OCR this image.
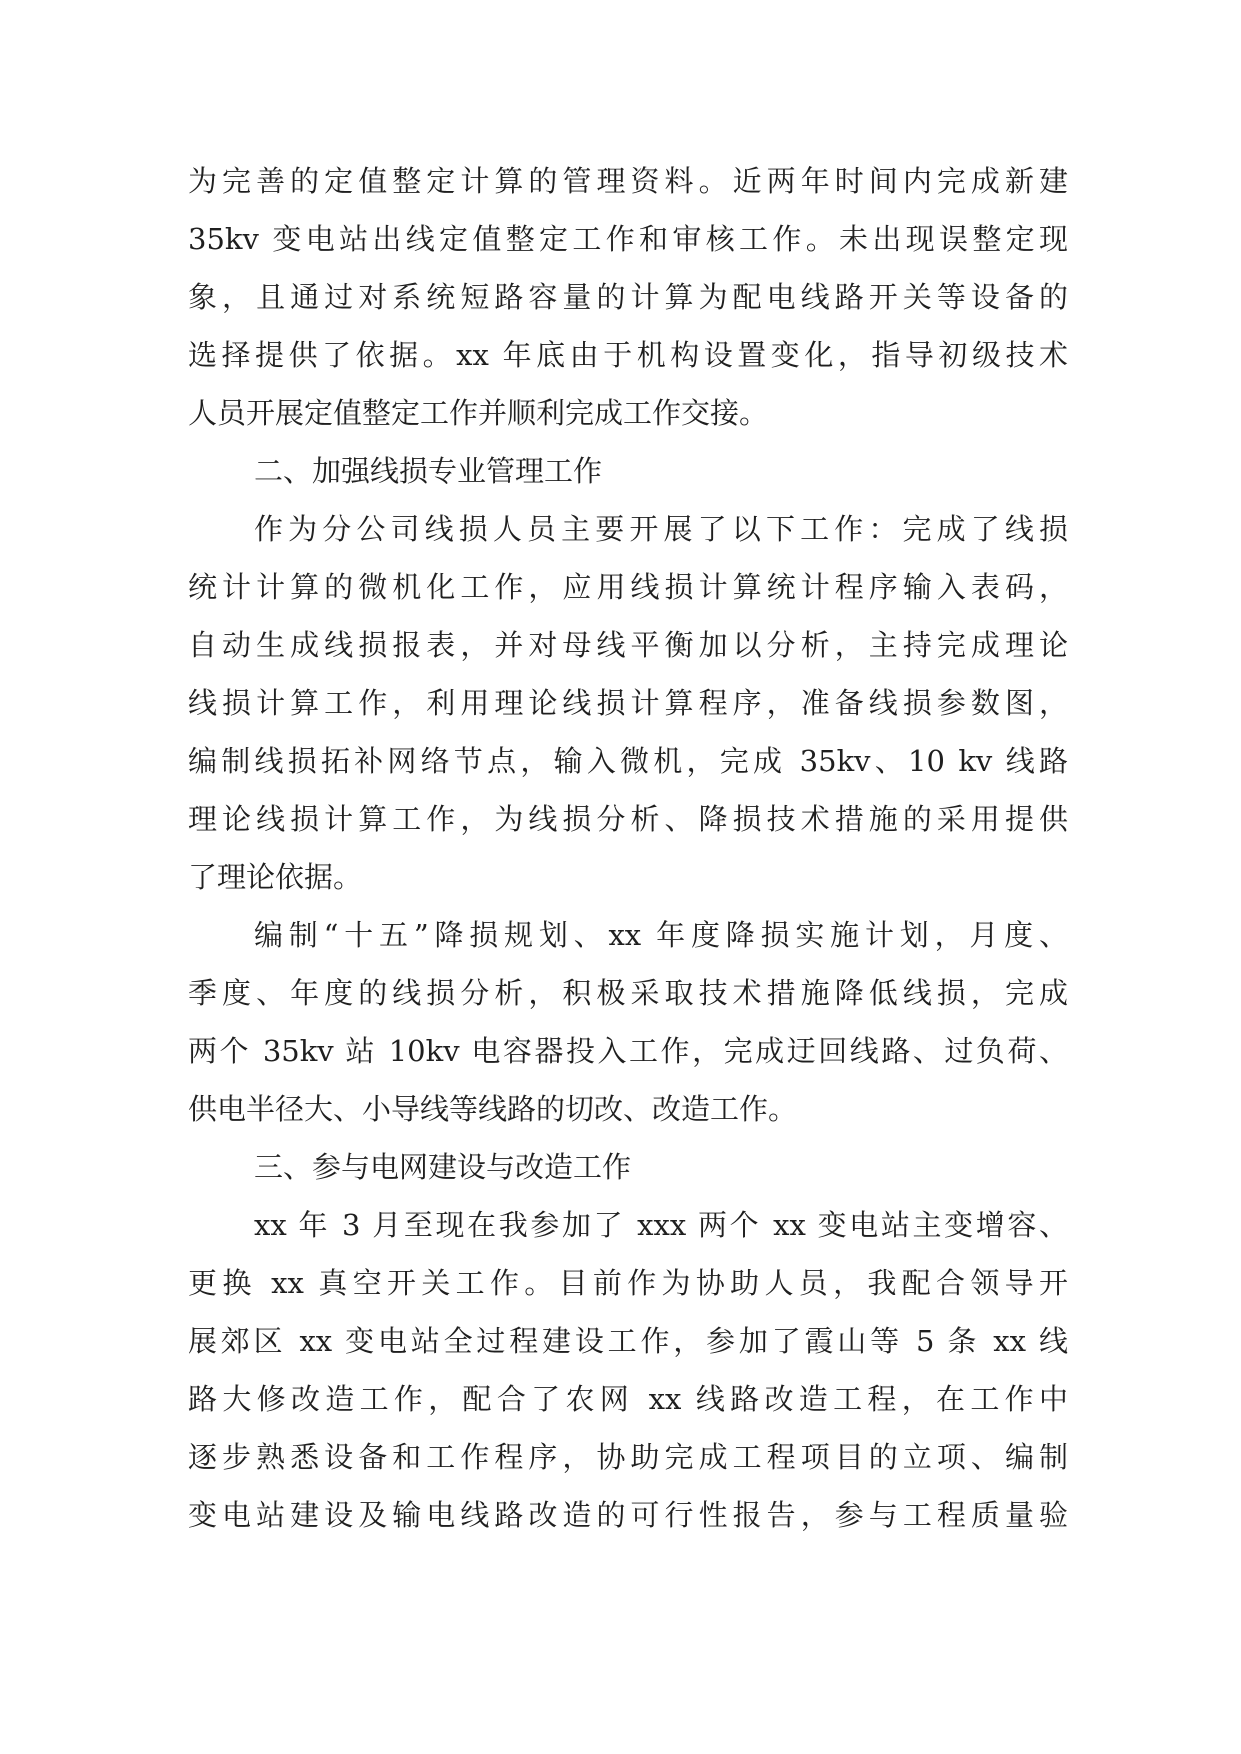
为完善的定值整定计算的管理资料。近两年时间内完成新建
35kv 变电站出线定值整定工作和审核工作。未出现误整定现
象，且通过对系统短路容量的计算为配电线路开关等设备的
选择提供了依据。xx 年底由于机构设置变化，指导初级技术
人员开展定值整定工作并顺利完成工作交接。
二、加强线损专业管理工作
作为分公司线损人员主要开展了以下工作：完成了线损
统计计算的微机化工作，应用线损计算统计程序输入表码，
自动生成线损报表，并对母线平衡加以分析，主持完成理论
线损计算工作，利用理论线损计算程序，准备线损参数图，
编制线损拓补网络节点，输入微机，完成 35kv、10 kv 线路
理论线损计算工作，为线损分析、降损技术措施的采用提供
了理论依据。
编制“十五”降损规划、xx 年度降损实施计划，月度、
季度、年度的线损分析，积极采取技术措施降低线损，完成
两个 35kv 站 10kv 电容器投入工作，完成迂回线路、过负荷、
供电半径大、小导线等线路的切改、改造工作。
三、参与电网建设与改造工作
xx 年 3 月至现在我参加了 xxx 两个 xx 变电站主变增容、
更换 xx 真空开关工作。目前作为协助人员，我配合领导开
展郊区 xx 变电站全过程建设工作，参加了霞山等 5 条 xx 线
路大修改造工作，配合了农网 xx 线路改造工程，在工作中
逐步熟悉设备和工作程序，协助完成工程项目的立项、编制
变电站建设及输电线路改造的可行性报告，参与工程质量验
